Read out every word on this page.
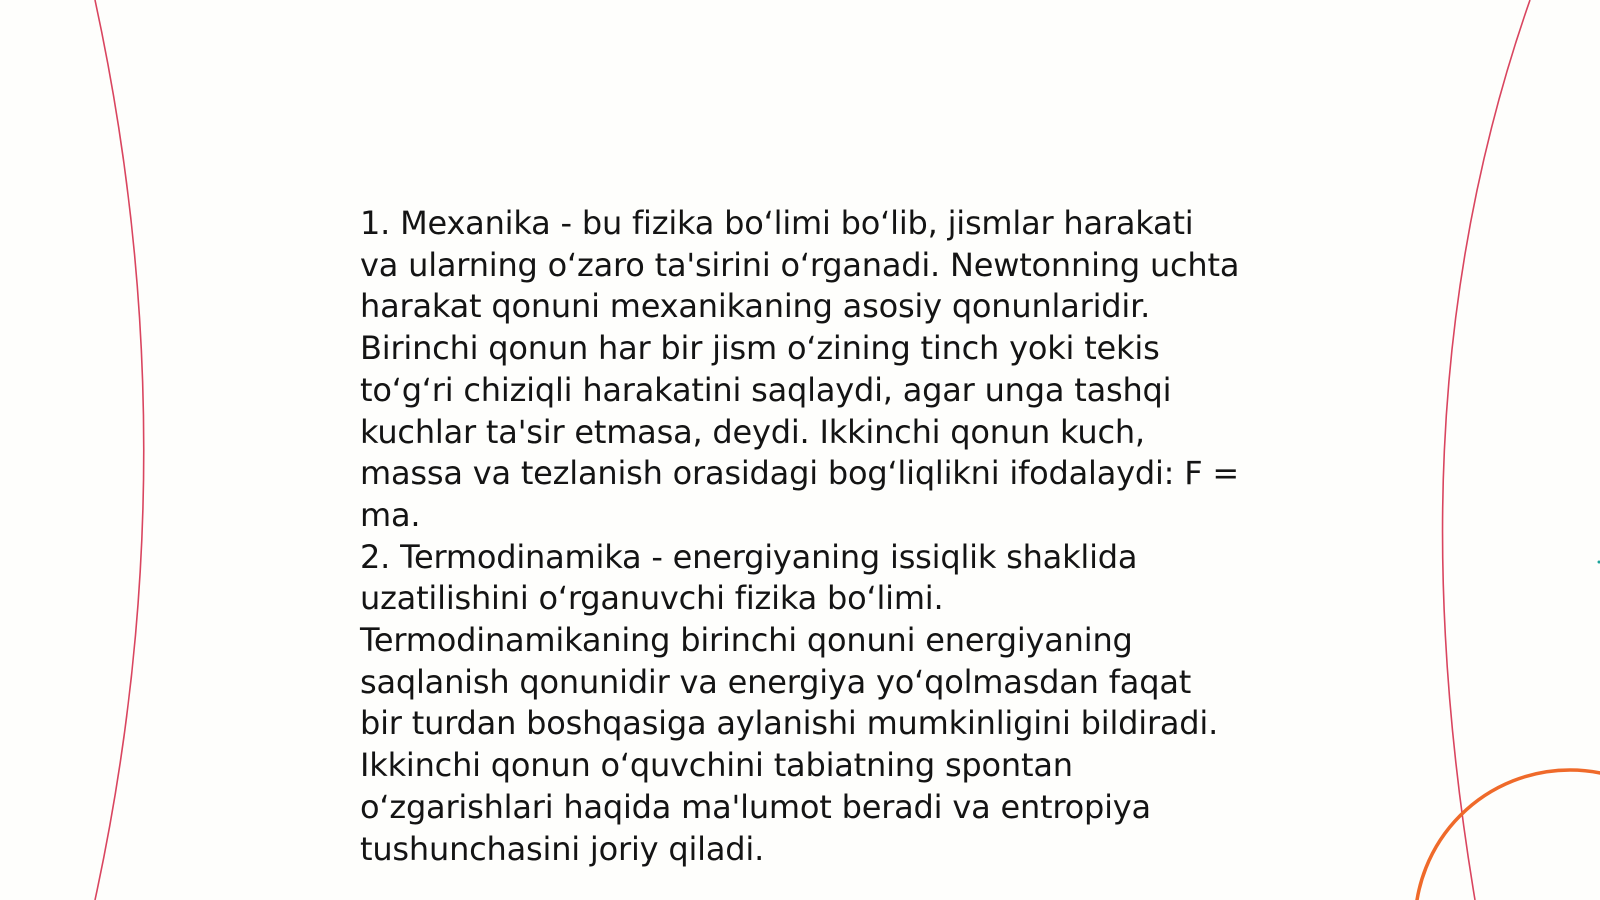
1. Mexanika - bu fizika bo‘limi bo‘lib, jismlar harakati va ularning o‘zaro ta'sirini o‘rganadi. Newtonning uchta harakat qonuni mexanikaning asosiy qonunlaridir. Birinchi qonun har bir jism o‘zining tinch yoki tekis to‘g‘ri chiziqli harakatini saqlaydi, agar unga tashqi kuchlar ta'sir etmasa, deydi. Ikkinchi qonun kuch, massa va tezlanish orasidagi bog‘liqlikni ifodalaydi: F = ma.

2. Termodinamika - energiyaning issiqlik shaklida uzatilishini o‘rganuvchi fizika bo‘limi. Termodinamikaning birinchi qonuni energiyaning saqlanish qonunidir va energiya yo‘qolmasdan faqat bir turdan boshqasiga aylanishi mumkinligini bildiradi. Ikkinchi qonun o‘quvchini tabiatning spontan o‘zgarishlari haqida ma'lumot beradi va entropiya tushunchasini joriy qiladi.
